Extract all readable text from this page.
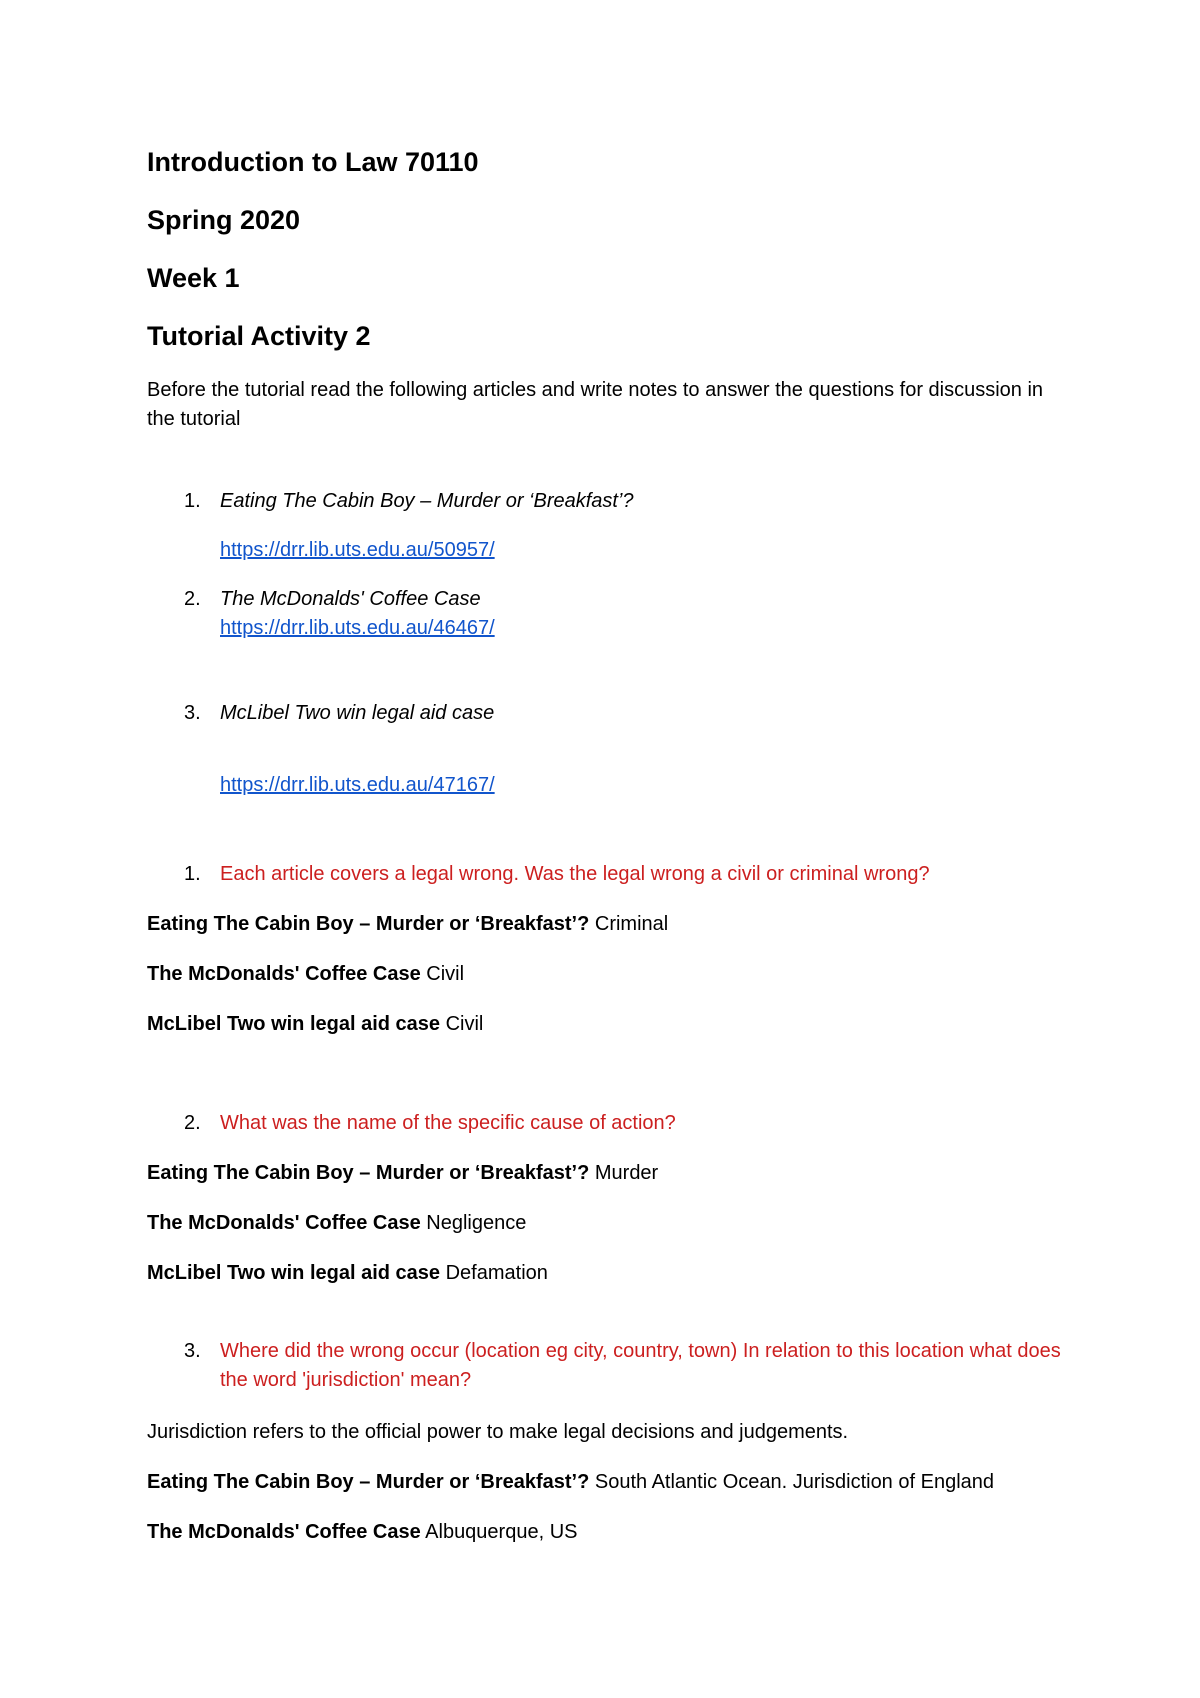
Introduction to Law 70110
Spring 2020
Week 1
Tutorial Activity 2

Before the tutorial read the following articles and write notes to answer the questions for discussion in the tutorial

1. Eating The Cabin Boy – Murder or ‘Breakfast’?
https://drr.lib.uts.edu.au/50957/
2. The McDonalds' Coffee Case
https://drr.lib.uts.edu.au/46467/
3. McLibel Two win legal aid case
https://drr.lib.uts.edu.au/47167/
1. Each article covers a legal wrong. Was the legal wrong a civil or criminal wrong?
Eating The Cabin Boy – Murder or ‘Breakfast’? Criminal
The McDonalds' Coffee Case Civil
McLibel Two win legal aid case Civil
2. What was the name of the specific cause of action?
Eating The Cabin Boy – Murder or ‘Breakfast’? Murder
The McDonalds' Coffee Case Negligence
McLibel Two win legal aid case Defamation
3. Where did the wrong occur (location eg city, country, town) In relation to this location what does the word 'jurisdiction' mean?

Jurisdiction refers to the official power to make legal decisions and judgements.

Eating The Cabin Boy – Murder or ‘Breakfast’? South Atlantic Ocean. Jurisdiction of England
The McDonalds' Coffee Case Albuquerque, US
